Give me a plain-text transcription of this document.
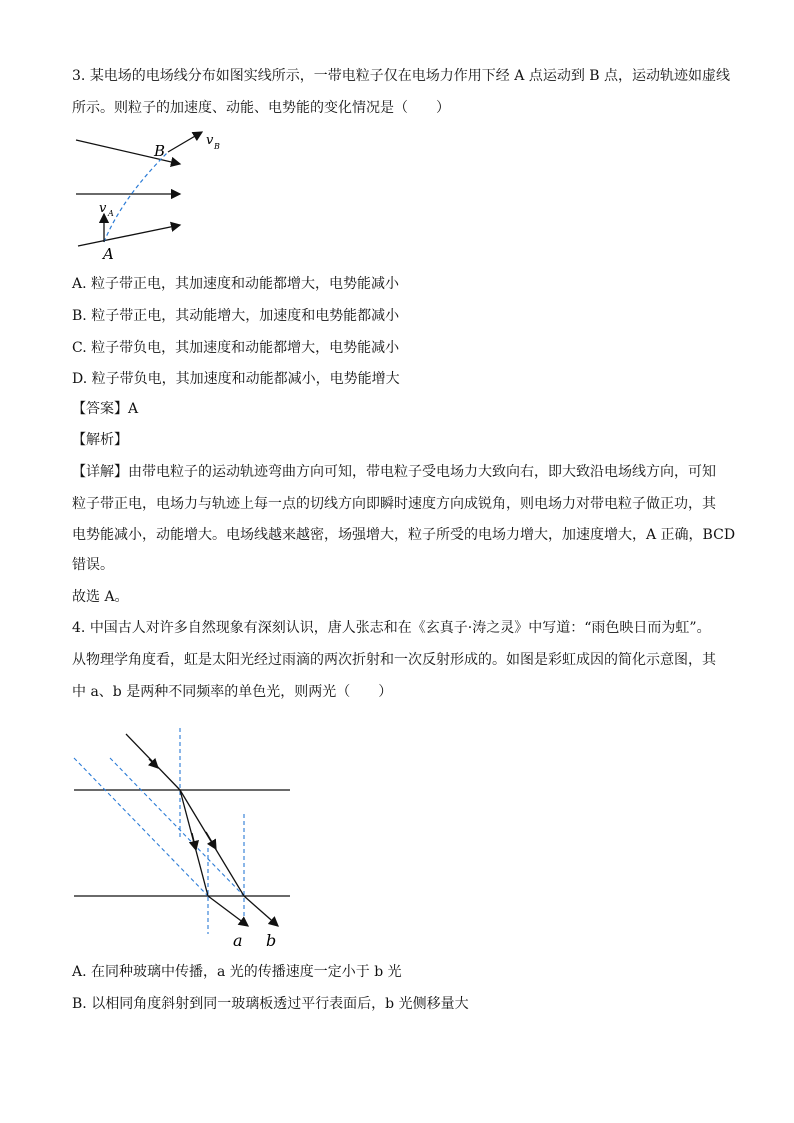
3. 某电场的电场线分布如图实线所示，一带电粒子仅在电场力作用下经 A 点运动到 B 点，运动轨迹如虚线
所示。则粒子的加速度、动能、电势能的变化情况是（　　）
B
v B
v A
A
A. 粒子带正电，其加速度和动能都增大，电势能减小
B. 粒子带正电，其动能增大，加速度和电势能都减小
C. 粒子带负电，其加速度和动能都增大，电势能减小
D. 粒子带负电，其加速度和动能都减小，电势能增大
【答案】A
【解析】
【详解】由带电粒子的运动轨迹弯曲方向可知，带电粒子受电场力大致向右，即大致沿电场线方向，可知
粒子带正电，电场力与轨迹上每一点的切线方向即瞬时速度方向成锐角，则电场力对带电粒子做正功，其
电势能减小，动能增大。电场线越来越密，场强增大，粒子所受的电场力增大，加速度增大，A 正确，BCD
错误。
故选 A。
4. 中国古人对许多自然现象有深刻认识，唐人张志和在《玄真子·涛之灵》中写道：“雨色映日而为虹”。
从物理学角度看，虹是太阳光经过雨滴的两次折射和一次反射形成的。如图是彩虹成因的简化示意图，其
中 a、b 是两种不同频率的单色光，则两光（　　）
a b
A. 在同种玻璃中传播，a 光的传播速度一定小于 b 光
B. 以相同角度斜射到同一玻璃板透过平行表面后，b 光侧移量大
